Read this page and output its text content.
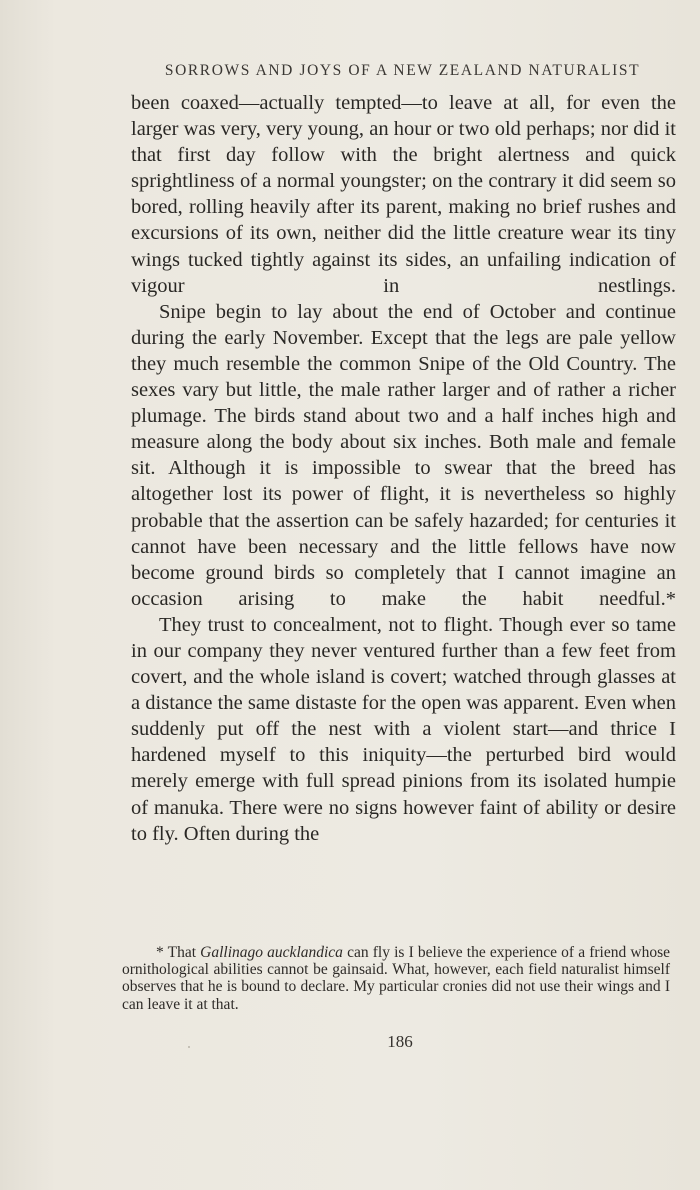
SORROWS AND JOYS OF A NEW ZEALAND NATURALIST

been coaxed—actually tempted—to leave at all, for even the larger was very, very young, an hour or two old perhaps; nor did it that first day follow with the bright alertness and quick sprightliness of a normal youngster; on the contrary it did seem so bored, rolling heavily after its parent, making no brief rushes and excursions of its own, neither did the little creature wear its tiny wings tucked tightly against its sides, an unfailing indication of vigour in nestlings.

Snipe begin to lay about the end of October and continue during the early November. Except that the legs are pale yellow they much resemble the common Snipe of the Old Country. The sexes vary but little, the male rather larger and of rather a richer plumage. The birds stand about two and a half inches high and measure along the body about six inches. Both male and female sit. Although it is impossible to swear that the breed has altogether lost its power of flight, it is nevertheless so highly probable that the assertion can be safely hazarded; for centuries it cannot have been necessary and the little fellows have now become ground birds so completely that I cannot imagine an occasion arising to make the habit needful.*

They trust to concealment, not to flight. Though ever so tame in our company they never ventured further than a few feet from covert, and the whole island is covert; watched through glasses at a distance the same distaste for the open was apparent. Even when suddenly put off the nest with a violent start—and thrice I hardened myself to this iniquity—the perturbed bird would merely emerge with full spread pinions from its isolated humpie of manuka. There were no signs however faint of ability or desire to fly. Often during the

* That Gallinago aucklandica can fly is I believe the experience of a friend whose ornithological abilities cannot be gainsaid. What, however, each field naturalist himself observes that he is bound to declare. My particular cronies did not use their wings and I can leave it at that.

186
